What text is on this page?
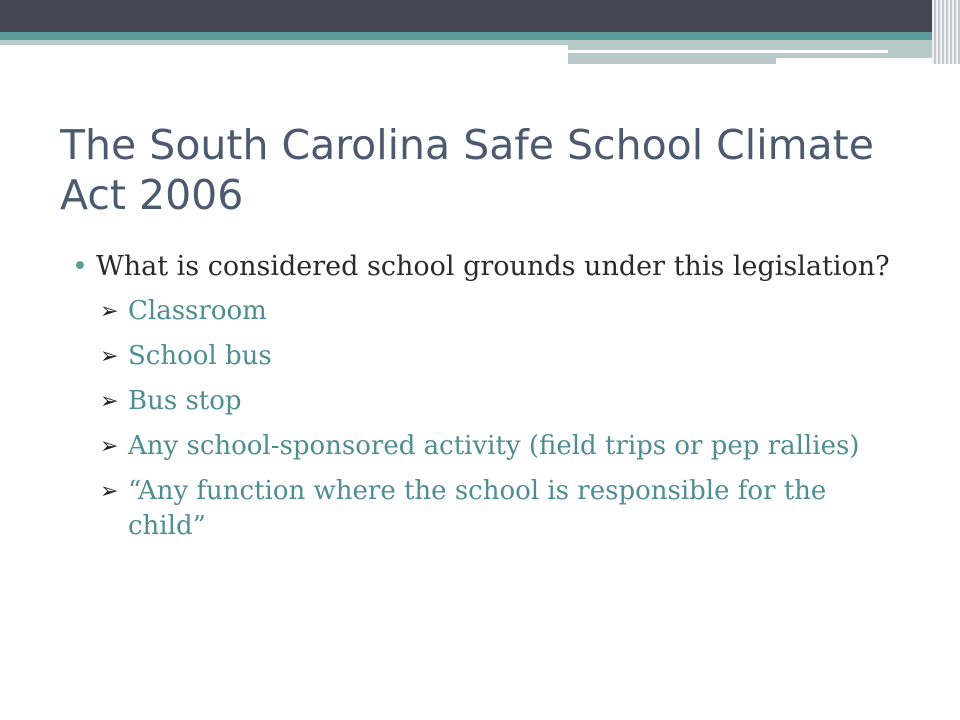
The South Carolina Safe School Climate Act 2006
• What is considered school grounds under this legislation?
➢ Classroom
➢ School bus
➢ Bus stop
➢ Any school-sponsored activity (field trips or pep rallies)
➢ “Any function where the school is responsible for the child”
